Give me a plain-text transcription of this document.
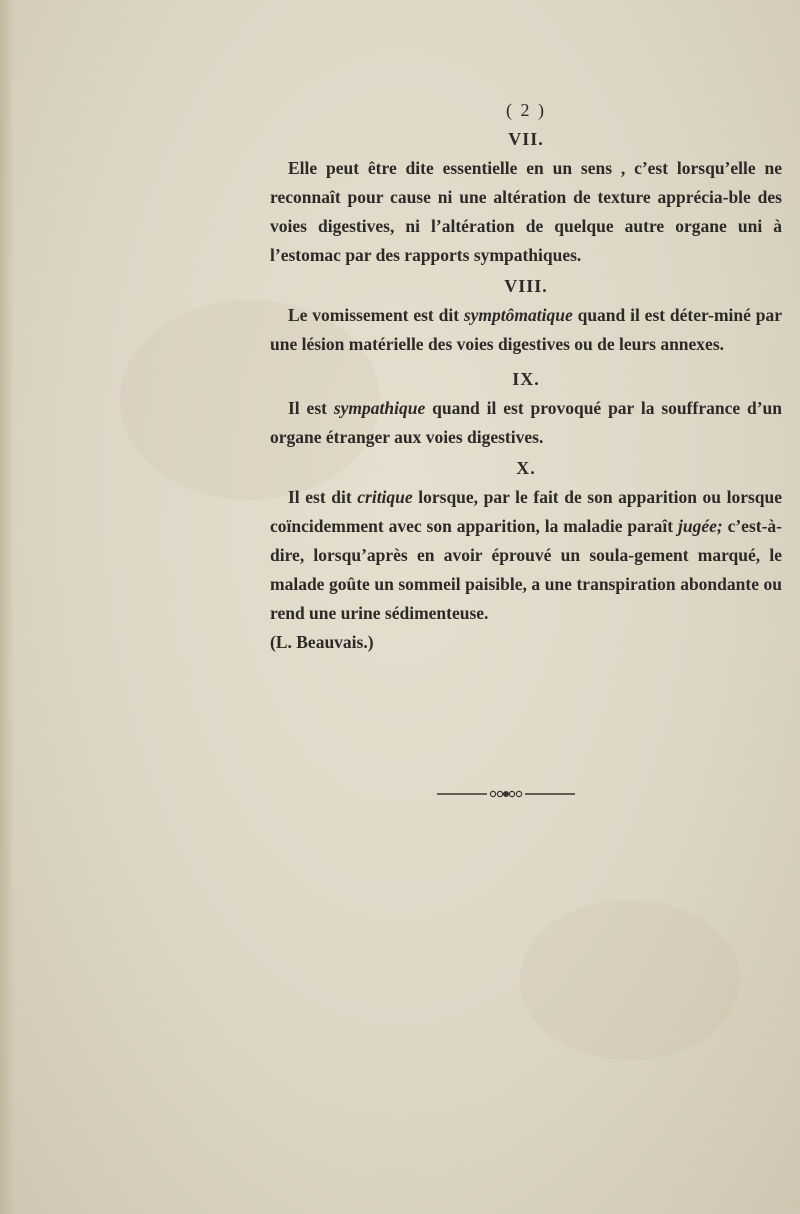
( 2 )

VII.

Elle peut être dite essentielle en un sens , c’est lorsqu’elle ne reconnaît pour cause ni une altération de texture apprécia-ble des voies digestives, ni l’altération de quelque autre organe uni à l’estomac par des rapports sympathiques.

VIII.

Le vomissement est dit symptômatique quand il est déter-miné par une lésion matérielle des voies digestives ou de leurs annexes.

IX.

Il est sympathique quand il est provoqué par la souffrance d’un organe étranger aux voies digestives.

X.

Il est dit critique lorsque, par le fait de son apparition ou lorsque coïncidemment avec son apparition, la maladie paraît jugée; c’est-à-dire, lorsqu’après en avoir éprouvé un soula-gement marqué, le malade goûte un sommeil paisible, a une transpiration abondante ou rend une urine sédimenteuse.

(L. Beauvais.)
